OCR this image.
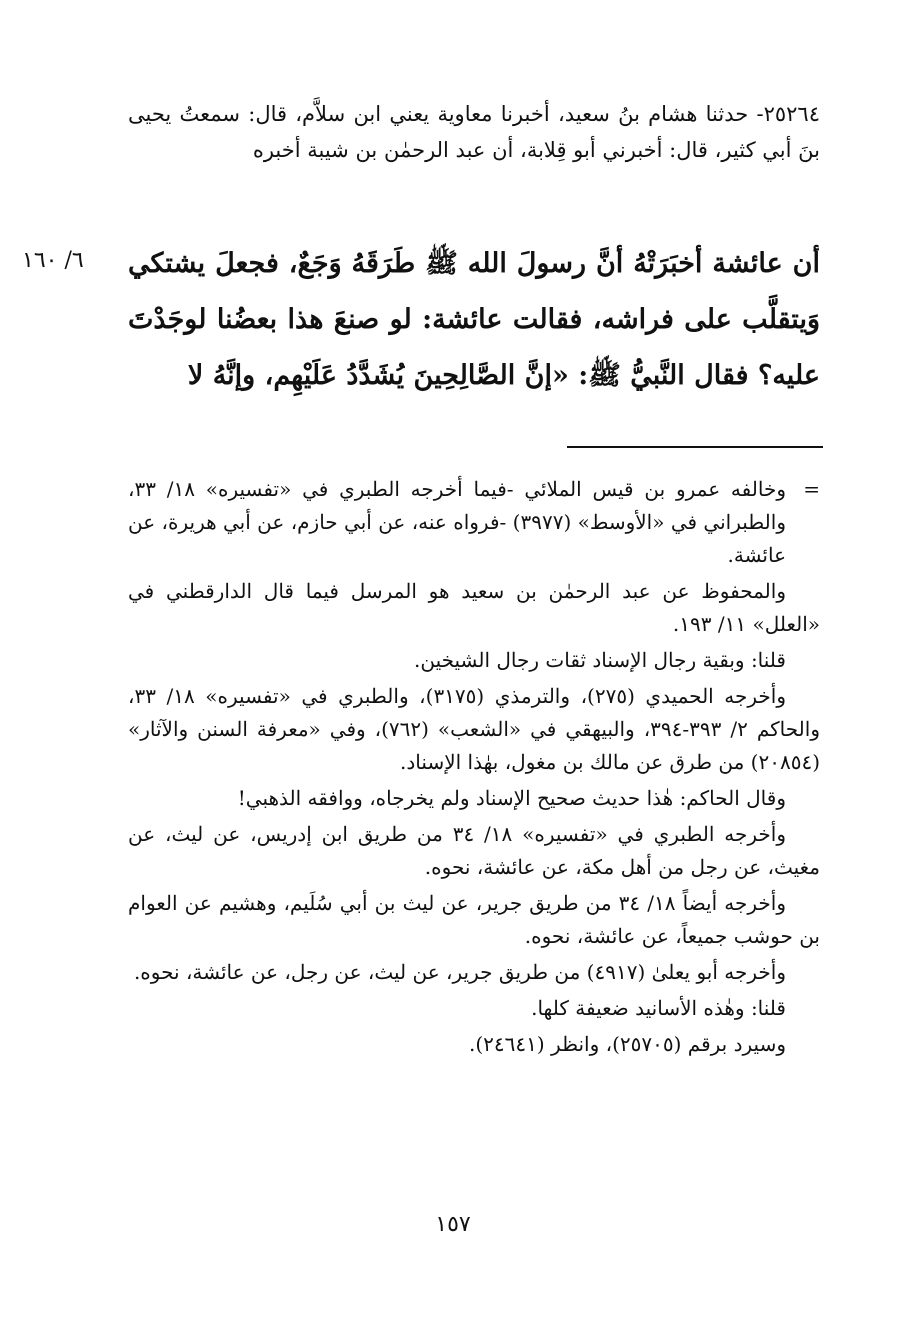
٢٥٢٦٤- حدثنا هشام بنُ سعيد، أخبرنا معاوية يعني ابن سلاَّم، قال: سمعتُ يحيى بنَ أبي كثير، قال: أخبرني أبو قِلابة، أن عبد الرحمٰن بن شيبة أخبره

٦/ ١٦٠ أن عائشة أخبَرَتْهُ أنَّ رسولَ الله ﷺ طَرَقَهُ وَجَعٌ، فجعلَ يشتكي وَيتقلَّب على فراشه، فقالت عائشة: لو صنعَ هذا بعضُنا لوجَدْتَ عليه؟ فقال النَّبيُّ ﷺ: «إنَّ الصَّالِحِينَ يُشَدَّدُ عَلَيْهِم، وإنَّهُ لا

=

وخالفه عمرو بن قيس الملائي -فيما أخرجه الطبري في «تفسيره» ١٨/ ٣٣، والطبراني في «الأوسط» (٣٩٧٧) -فرواه عنه، عن أبي حازم، عن أبي هريرة، عن عائشة.

والمحفوظ عن عبد الرحمٰن بن سعيد هو المرسل فيما قال الدارقطني في «العلل» ١١/ ١٩٣.

قلنا: وبقية رجال الإسناد ثقات رجال الشيخين.

وأخرجه الحميدي (٢٧٥)، والترمذي (٣١٧٥)، والطبري في «تفسيره» ١٨/ ٣٣، والحاكم ٢/ ٣٩٣-٣٩٤، والبيهقي في «الشعب» (٧٦٢)، وفي «معرفة السنن والآثار» (٢٠٨٥٤) من طرق عن مالك بن مغول، بهٰذا الإسناد.

وقال الحاكم: هٰذا حديث صحيح الإسناد ولم يخرجاه، ووافقه الذهبي!

وأخرجه الطبري في «تفسيره» ١٨/ ٣٤ من طريق ابن إدريس، عن ليث، عن مغيث، عن رجل من أهل مكة، عن عائشة، نحوه.

وأخرجه أيضاً ١٨/ ٣٤ من طريق جرير، عن ليث بن أبي سُلَيم، وهشيم عن العوام بن حوشب جميعاً، عن عائشة، نحوه.

وأخرجه أبو يعلىٰ (٤٩١٧) من طريق جرير، عن ليث، عن رجل، عن عائشة، نحوه.

قلنا: وهٰذه الأسانيد ضعيفة كلها.

وسيرد برقم (٢٥٧٠٥)، وانظر (٢٤٦٤١).

١٥٧
